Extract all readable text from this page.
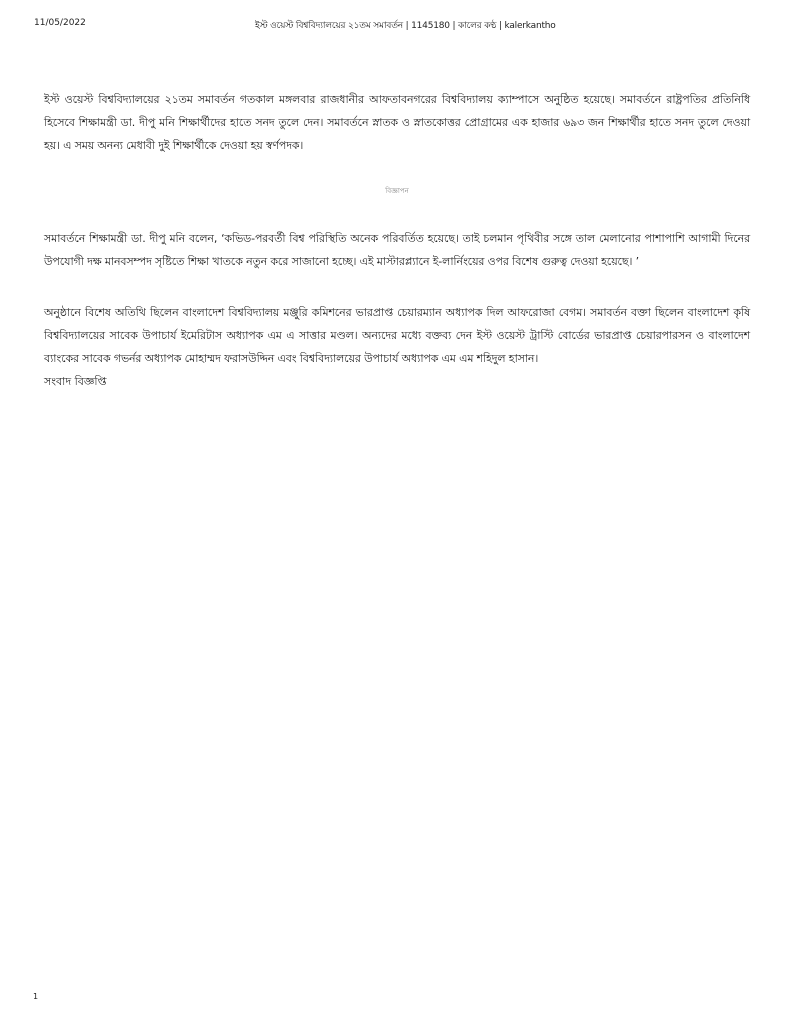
11/05/2022	ইস্ট ওয়েস্ট বিশ্ববিদ্যালয়ের ২১তম সমাবর্তন | 1145180 | কালের কণ্ঠ | kalerkantho

ইস্ট ওয়েস্ট বিশ্ববিদ্যালয়ের ২১তম সমাবর্তন গতকাল মঙ্গলবার রাজধানীর আফতাবনগরের বিশ্ববিদ্যালয় ক্যাম্পাসে অনুষ্ঠিত হয়েছে। সমাবর্তনে রাষ্ট্রপতির প্রতিনিধি হিসেবে শিক্ষামন্ত্রী ডা. দীপু মনি শিক্ষার্থীদের হাতে সনদ তুলে দেন। সমাবর্তনে স্নাতক ও স্নাতকোত্তর প্রোগ্রামের এক হাজার ৬৯৩ জন শিক্ষার্থীর হাতে সনদ তুলে দেওয়া হয়। এ সময় অনন্য মেধাবী দুই শিক্ষার্থীকে দেওয়া হয় স্বর্ণপদক।

বিজ্ঞাপন

সমাবর্তনে শিক্ষামন্ত্রী ডা. দীপু মনি বলেন, ‘কভিড-পরবর্তী বিশ্ব পরিস্থিতি অনেক পরিবর্তিত হয়েছে। তাই চলমান পৃথিবীর সঙ্গে তাল মেলানোর পাশাপাশি আগামী দিনের উপযোগী দক্ষ মানবসম্পদ সৃষ্টিতে শিক্ষা খাতকে নতুন করে সাজানো হচ্ছে। এই মাস্টারপ্ল্যানে ই-লার্নিংয়ের ওপর বিশেষ গুরুত্ব দেওয়া হয়েছে। ’

অনুষ্ঠানে বিশেষ অতিথি ছিলেন বাংলাদেশ বিশ্ববিদ্যালয় মঞ্জুরি কমিশনের ভারপ্রাপ্ত চেয়ারম্যান অধ্যাপক দিল আফরোজা বেগম। সমাবর্তন বক্তা ছিলেন বাংলাদেশ কৃষি বিশ্ববিদ্যালয়ের সাবেক উপাচার্য ইমেরিটাস অধ্যাপক এম এ সাত্তার মণ্ডল। অন্যদের মধ্যে বক্তব্য দেন ইস্ট ওয়েস্ট ট্রাস্টি বোর্ডের ভারপ্রাপ্ত চেয়ারপারসন ও বাংলাদেশ ব্যাংকের সাবেক গভর্নর অধ্যাপক মোহাম্মদ ফরাসউদ্দিন এবং বিশ্ববিদ্যালয়ের উপাচার্য অধ্যাপক এম এম শহিদুল হাসান।

সংবাদ বিজ্ঞপ্তি
1
